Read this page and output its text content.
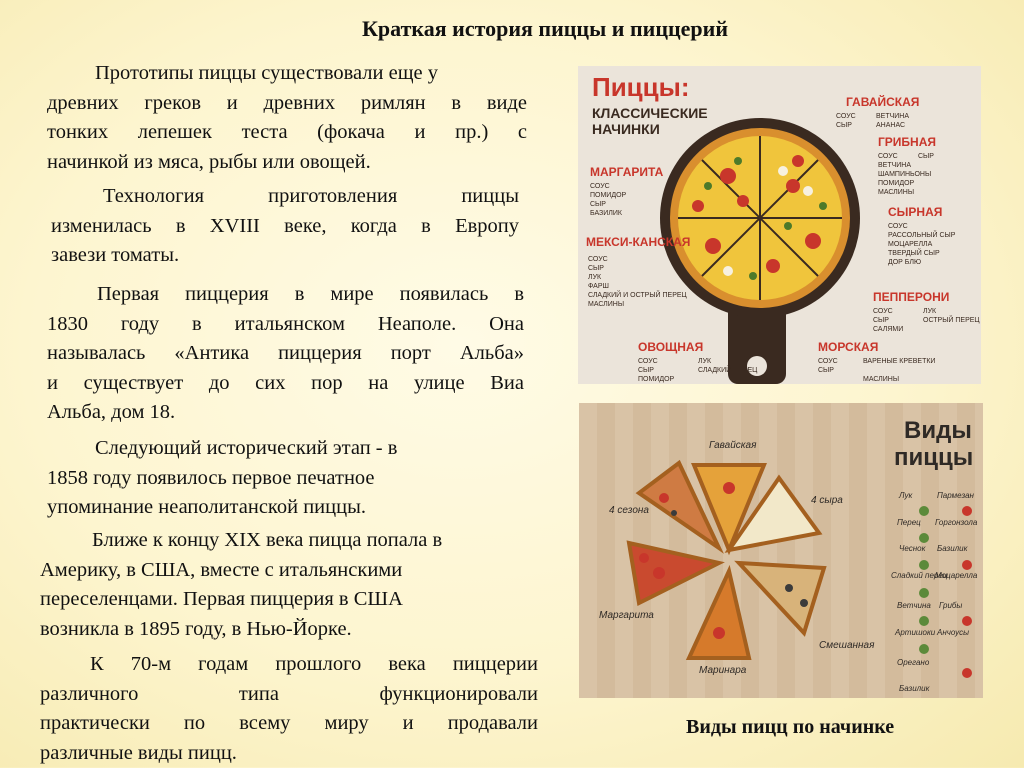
Краткая история пиццы и пиццерий
Прототипы пиццы существовали еще у
древних греков и древних римлян в виде
тонких лепешек теста (фокача и пр.) с
начинкой из мяса, рыбы или овощей.
Технология приготовления пиццы
изменилась в XVIII веке, когда в Европу
завези томаты.
Первая пиццерия в мире появилась в
1830 году в итальянском Неаполе. Она
называлась «Антика пиццерия порт Альба»
и существует до сих пор на улице Виа
Альба, дом 18.
Следующий исторический этап - в
1858 году появилось первое печатное
упоминание неаполитанской пиццы.
Ближе к концу XIX века пицца попала в
Америку, в США, вместе с итальянскими
переселенцами. Первая пиццерия в США
возникла в 1895 году, в Нью-Йорке.
К 70-м годам прошлого века пиццерии
различного типа функционировали
практически по всему миру и продавали
различные виды пицц.
Пиццы:
КЛАССИЧЕСКИЕ
НАЧИНКИ
ГАВАЙСКАЯ
ГРИБНАЯ
СЫРНАЯ
ПЕППЕРОНИ
МАРГАРИТА
МЕКСИ-КАНСКАЯ
ОВОЩНАЯ	МОРСКАЯ
СОУС СЫР ВЕТЧИНА АНАНАС
СОУС	СЫР ВЕТЧИНА ШАМПИНЬОНЫ ПОМИДОР МАСЛИНЫ
СОУС РАССОЛЬНЫЙ СЫР МОЦАРЕЛЛА ТВЕРДЫЙ СЫР ДОР БЛЮ
СОУС СЫР САЛЯМИ ЛУК ОСТРЫЙ ПЕРЕЦ
СОУС ПОМИДОР СЫР БАЗИЛИК
СОУС СЫР ЛУК ФАРШ СЛАДКИЙ И ОСТРЫЙ ПЕРЕЦ МАСЛИНЫ
СОУС СЫР ПОМИДОР ЛУК СЛАДКИЙ ПЕРЕЦ
СОУС СЫР ВАРЕНЫЕ КРЕВЕТКИ МАСЛИНЫ
Виды
пиццы
Гавайская
4 сыра
Смешанная
Маринара
Маргарита
4 сезона
Лук	Пармезан
Перец Горгонзола
Чеснок Базилик
Сладкий перец
Моцарелла
Ветчина Грибы
Артишоки Анчоусы
Орегано
Базилик
Виды пицц по начинке
